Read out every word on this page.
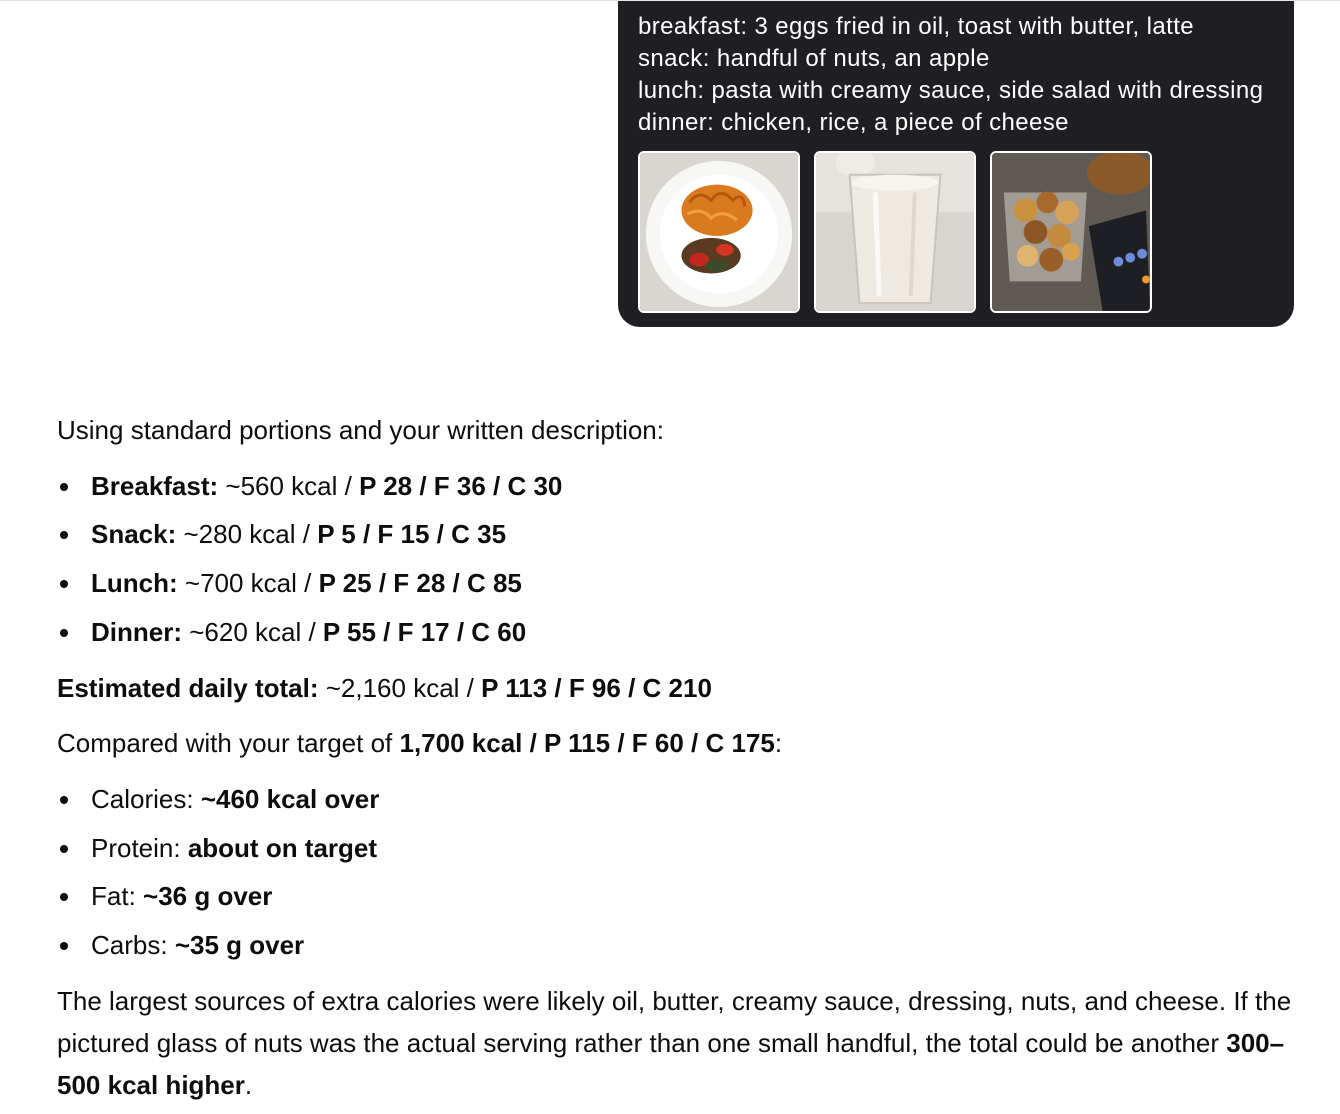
breakfast: 3 eggs fried in oil, toast with butter, latte
snack: handful of nuts, an apple
lunch: pasta with creamy sauce, side salad with dressing
dinner: chicken, rice, a piece of cheese
Using standard portions and your written description:
Breakfast: ~560 kcal / P 28 / F 36 / C 30
Snack: ~280 kcal / P 5 / F 15 / C 35
Lunch: ~700 kcal / P 25 / F 28 / C 85
Dinner: ~620 kcal / P 55 / F 17 / C 60
Estimated daily total: ~2,160 kcal / P 113 / F 96 / C 210
Compared with your target of 1,700 kcal / P 115 / F 60 / C 175:
Calories: ~460 kcal over
Protein: about on target
Fat: ~36 g over
Carbs: ~35 g over
The largest sources of extra calories were likely oil, butter, creamy sauce, dressing, nuts, and cheese. If the pictured glass of nuts was the actual serving rather than one small handful, the total could be another 300–500 kcal higher.
